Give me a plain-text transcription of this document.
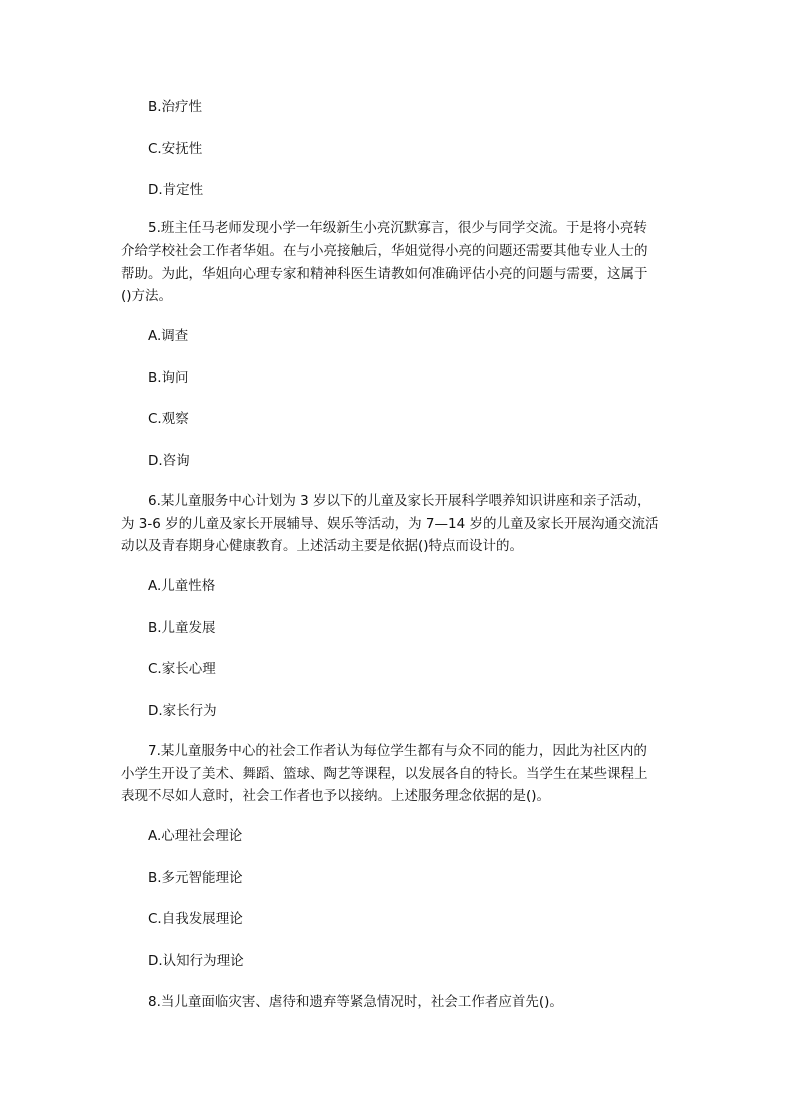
B.治疗性
C.安抚性
D.肯定性
5.班主任马老师发现小学一年级新生小亮沉默寡言，很少与同学交流。于是将小亮转
介给学校社会工作者华姐。在与小亮接触后，华姐觉得小亮的问题还需要其他专业人士的
帮助。为此，华姐向心理专家和精神科医生请教如何准确评估小亮的问题与需要，这属于
()方法。
A.调查
B.询问
C.观察
D.咨询
6.某儿童服务中心计划为 3 岁以下的儿童及家长开展科学喂养知识讲座和亲子活动，
为 3-6 岁的儿童及家长开展辅导、娱乐等活动，为 7—14 岁的儿童及家长开展沟通交流活
动以及青春期身心健康教育。上述活动主要是依据()特点而设计的。
A.儿童性格
B.儿童发展
C.家长心理
D.家长行为
7.某儿童服务中心的社会工作者认为每位学生都有与众不同的能力，因此为社区内的
小学生开设了美术、舞蹈、篮球、陶艺等课程，以发展各自的特长。当学生在某些课程上
表现不尽如人意时，社会工作者也予以接纳。上述服务理念依据的是()。
A.心理社会理论
B.多元智能理论
C.自我发展理论
D.认知行为理论
8.当儿童面临灾害、虐待和遗弃等紧急情况时，社会工作者应首先()。
